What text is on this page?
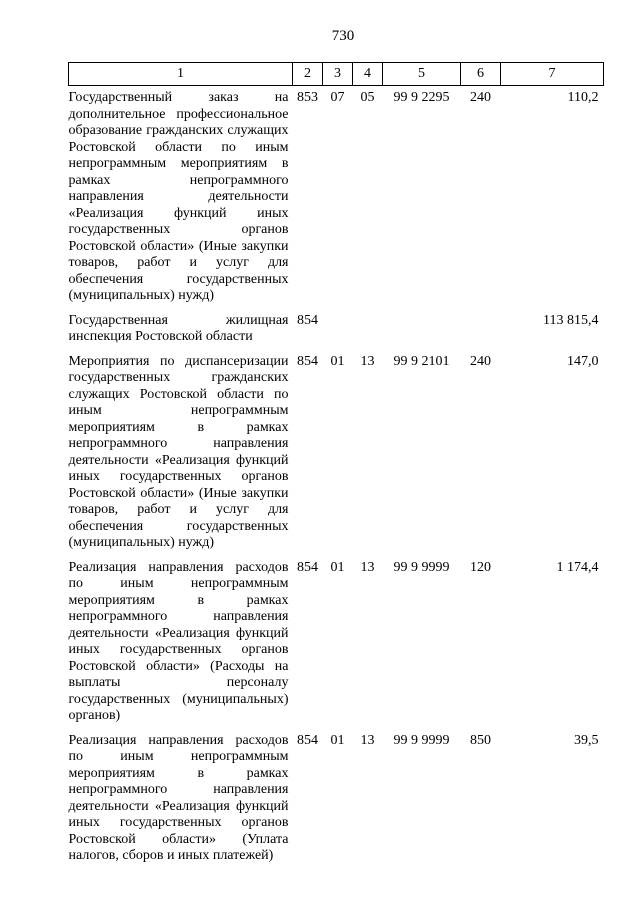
730
1	2	3	4	5	6	7
Государственный заказ на дополнительное профессиональное образование гражданских служащих Ростовской области по иным непрограммным мероприятиям в рамках непрограммного направления деятельности «Реализация функций иных государственных органов Ростовской области» (Иные закупки товаров, работ и услуг для обеспечения государственных (муниципальных) нужд)	853	07	05	99 9 2295	240	110,2

Государственная жилищная инспекция Ростовской области	854					113 815,4

Мероприятия по диспансеризации государственных гражданских служащих Ростовской области по иным непрограммным мероприятиям в рамках непрограммного направления деятельности «Реализация функций иных государственных органов Ростовской области» (Иные закупки товаров, работ и услуг для обеспечения государственных (муниципальных) нужд)	854	01	13	99 9 2101	240	147,0

Реализация направления расходов по иным непрограммным мероприятиям в рамках непрограммного направления деятельности «Реализация функций иных государственных органов Ростовской области» (Расходы на выплаты персоналу государственных (муниципальных) органов)	854	01	13	99 9 9999	120	1 174,4

Реализация направления расходов по иным непрограммным мероприятиям в рамках непрограммного направления деятельности «Реализация функций иных государственных органов Ростовской области» (Уплата налогов, сборов и иных платежей)	854	01	13	99 9 9999	850	39,5
